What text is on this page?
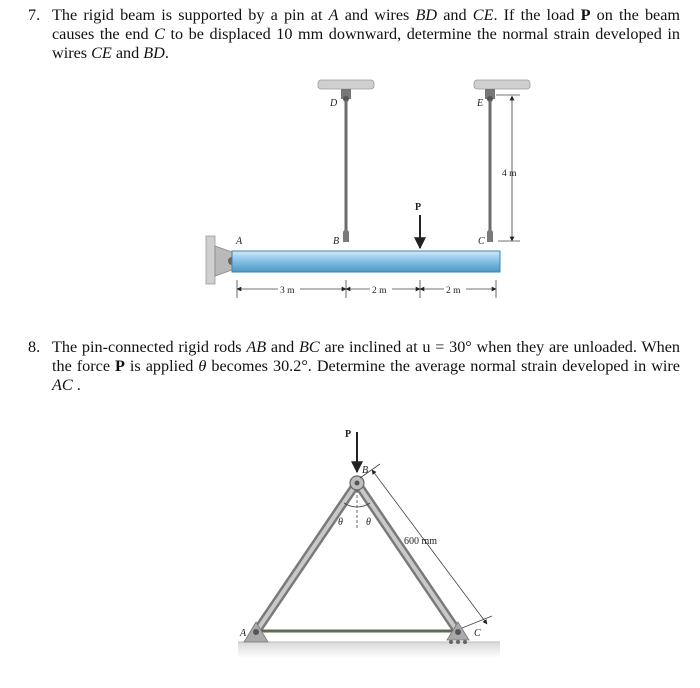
7. The rigid beam is supported by a pin at A and wires BD and CE. If the load P on the beam causes the end C to be displaced 10 mm downward, determine the normal strain developed in wires CE and BD.
8. The pin-connected rigid rods AB and BC are inclined at u = 30° when they are unloaded. When the force P is applied θ becomes 30.2°. Determine the average normal strain developed in wire AC .
D	E
A	B	C
P
4 m
3 m	2 m	2 m
P
B
A	C
θ θ
600 mm
